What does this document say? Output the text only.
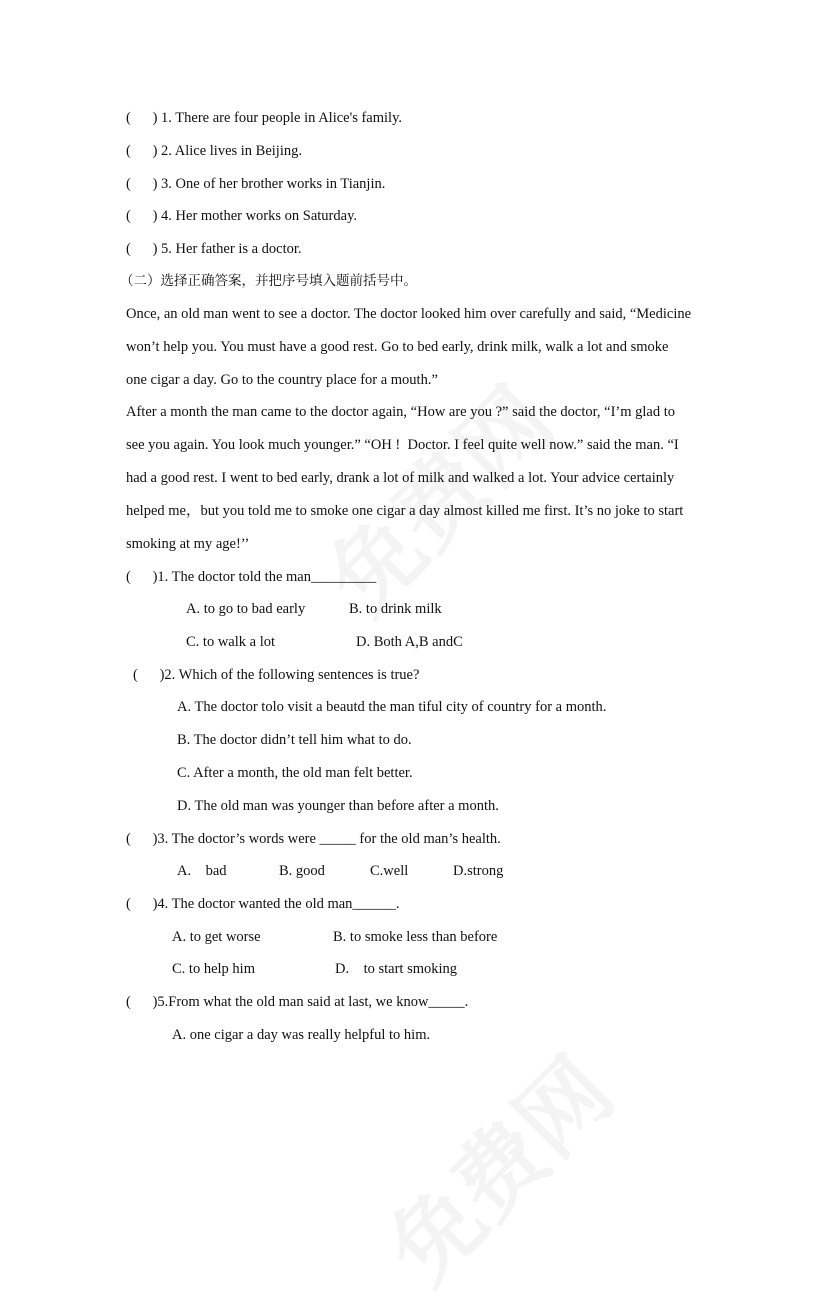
(      ) 1. There are four people in Alice's family.
(      ) 2. Alice lives in Beijing.
(      ) 3. One of her brother works in Tianjin.
(      ) 4. Her mother works on Saturday.
(      ) 5. Her father is a doctor.
（二）选择正确答案，并把序号填入题前括号中。
Once, an old man went to see a doctor. The doctor looked him over carefully and said, “Medicine
won’t help you. You must have a good rest. Go to bed early, drink milk, walk a lot and smoke
one cigar a day. Go to the country place for a mouth.”
After a month the man came to the doctor again, “How are you ?” said the doctor, “I’m glad to
see you again. You look much younger.” “OH !  Doctor. I feel quite well now.” said the man. “I
had a good rest. I went to bed early, drank a lot of milk and walked a lot. Your advice certainly
helped me，but you told me to smoke one cigar a day almost killed me first. It’s no joke to start
smoking at my age!’’
(      )1. The doctor told the man_________
A. to go to bad early	B. to drink milk
C. to walk a lot	D. Both A,B andC
(      )2. Which of the following sentences is true?
A. The doctor tolo visit a beautd the man tiful city of country for a month.
B. The doctor didn’t tell him what to do.
C. After a month, the old man felt better.
D. The old man was younger than before after a month.
(      )3. The doctor’s words were _____ for the old man’s health.
A.    bad	B. good	C.well	D.strong
(      )4. The doctor wanted the old man______.
A. to get worse	B. to smoke less than before
C. to help him	D.    to start smoking
(      )5.From what the old man said at last, we know_____.
A. one cigar a day was really helpful to him.
